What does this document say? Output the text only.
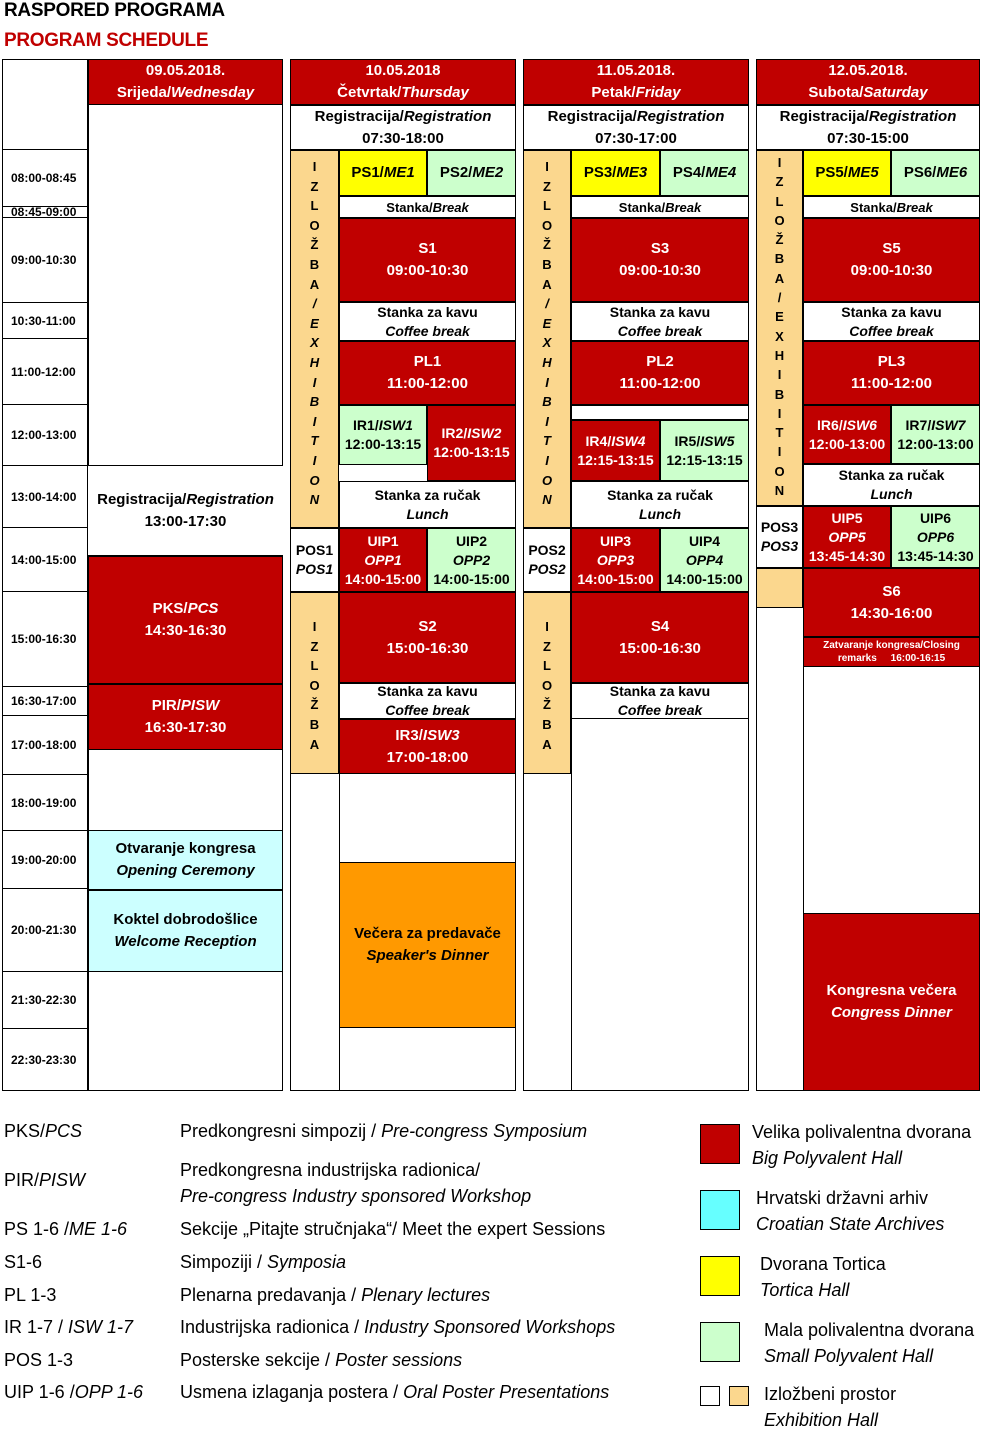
RASPORED PROGRAMA
PROGRAM SCHEDULE
08:00-08:45
08:45-09:00
09:00-10:30
10:30-11:00
11:00-12:00
12:00-13:00
13:00-14:00
14:00-15:00
15:00-16:30
16:30-17:00
17:00-18:00
18:00-19:00
19:00-20:00
20:00-21:30
21:30-22:30
22:30-23:30
09.05.2018.
Srijeda/Wednesday
Registracija/Registration
13:00-17:30
PKS/PCS
14:30-16:30
PIR/PISW
16:30-17:30
Otvaranje kongresa
Opening Ceremony
Koktel dobrodošlice
Welcome Reception
10.05.2018
Četvrtak/Thursday
Registracija/Registration
07:30-18:00
I
Z
L
O
Ž
B
A
/
E
X
H
I
B
I
T
I
O
N
PS1/ME1 PS2/ME2
Stanka/Break
S1
09:00-10:30
Stanka za kavu
Coffee break
PL1
11:00-12:00
IR1/ISW1
12:00-13:15
IR2/ISW2
12:00-13:15
Stanka za ručak
Lunch
POS1
POS1
UIP1
OPP1
14:00-15:00
UIP2
OPP2
14:00-15:00
I
Z
L
O
Ž
B
A
S2
15:00-16:30
Stanka za kavu
Coffee break
IR3/ISW3
17:00-18:00
Večera za predavače
Speaker's Dinner
11.05.2018.
Petak/Friday
Registracija/Registration
07:30-17:00
I
Z
L
O
Ž
B
A
/
E
X
H
I
B
I
T
I
O
N
PS3/ME3 PS4/ME4
Stanka/Break
S3
09:00-10:30
Stanka za kavu
Coffee break
PL2
11:00-12:00
IR4/ISW4
12:15-13:15
IR5/ISW5
12:15-13:15
Stanka za ručak
Lunch
POS2
POS2
UIP3
OPP3
14:00-15:00
UIP4
OPP4
14:00-15:00
I
Z
L
O
Ž
B
A
S4
15:00-16:30
Stanka za kavu
Coffee break
12.05.2018.
Subota/Saturday
Registracija/Registration
07:30-15:00
I
Z
L
O
Ž
B
A
/
E
X
H
I
B
I
T
I
O
N
PS5/ME5 PS6/ME6
Stanka/Break
S5
09:00-10:30
Stanka za kavu
Coffee break
PL3
11:00-12:00
IR6/ISW6
12:00-13:00
IR7/ISW7
12:00-13:00
Stanka za ručak
Lunch
POS3
POS3
UIP5
OPP5
13:45-14:30
UIP6
OPP6
13:45-14:30
S6
14:30-16:00
Zatvaranje kongresa/Closing
remarks 16:00-16:15
Kongresna večera
Congress Dinner
PKS/PCS
PIR/PISW
PS 1-6 /ME 1-6
S1-6
PL 1-3
IR 1-7 / ISW 1-7
POS 1-3
UIP 1-6 /OPP 1-6
Predkongresni simpozij / Pre-congress Symposium
Predkongresna industrijska radionica/
Pre-congress Industry sponsored Workshop
Sekcije „Pitajte stručnjaka“/ Meet the expert Sessions
Simpoziji / Symposia
Plenarna predavanja / Plenary lectures
Industrijska radionica / Industry Sponsored Workshops
Posterske sekcije / Poster sessions
Usmena izlaganja postera / Oral Poster Presentations
Velika polivalentna dvorana
Big Polyvalent Hall
Hrvatski državni arhiv
Croatian State Archives
Dvorana Tortica
Tortica Hall
Mala polivalentna dvorana
Small Polyvalent Hall
Izložbeni prostor
Exhibition Hall
